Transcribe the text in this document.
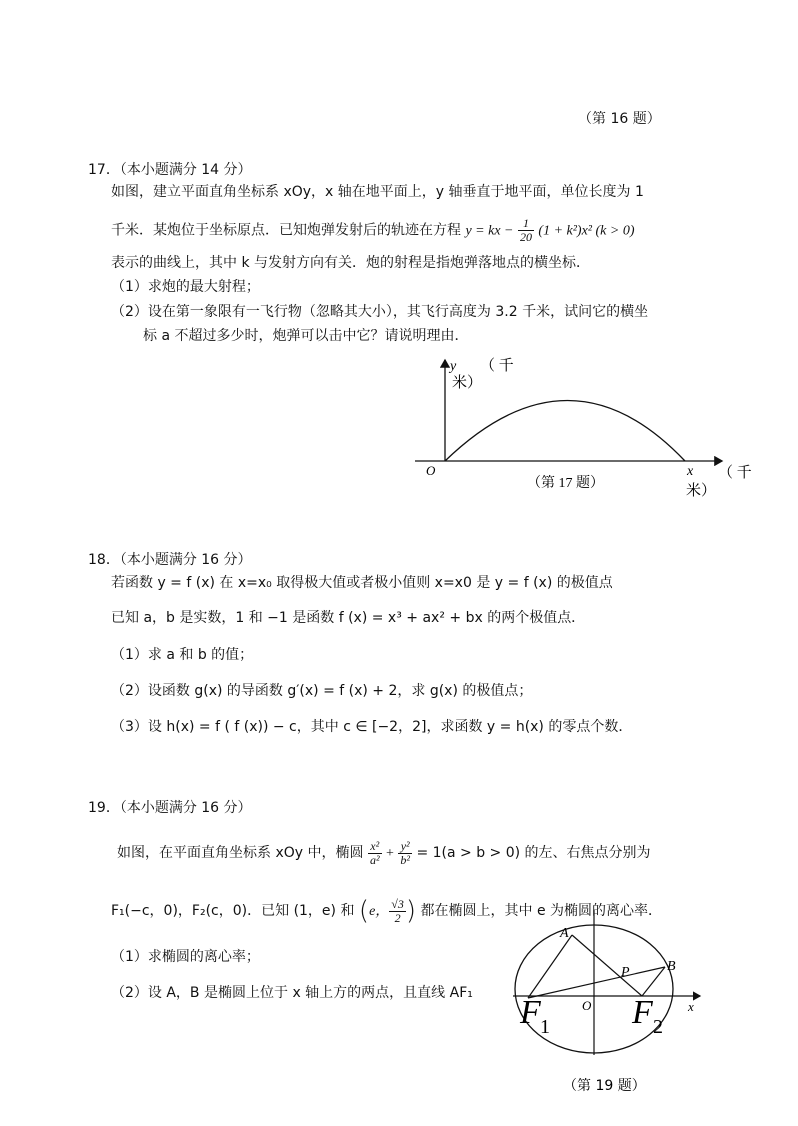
（第 16 题）
17．（本小题满分 14 分）
如图，建立平面直角坐标系 xOy，x 轴在地平面上，y 轴垂直于地平面，单位长度为 1
千米．某炮位于坐标原点．已知炮弹发射后的轨迹在方程 y = kx − $\frac{1}{20} (1 + k^2)x^2$ (k > 0)
表示的曲线上，其中 k 与发射方向有关．炮的射程是指炮弹落地点的横坐标．
（1）求炮的最大射程；
（2）设在第一象限有一飞行物（忽略其大小），其飞行高度为 3.2 千米，试问它的横坐
标 a 不超过多少时，炮弹可以击中它？请说明理由．
y （ 千
米）
O	x （ 千
米）
（第 17 题）
18．（本小题满分 16 分）
若函数 y = f (x) 在 x=x₀ 取得极大值或者极小值则 x=x0 是 y = f (x) 的极值点
已知 a，b 是实数，1 和 −1 是函数 f (x) = x³ + ax² + bx 的两个极值点．
（1）求 a 和 b 的值；
（2）设函数 g(x) 的导函数 g′(x) = f (x) + 2，求 g(x) 的极值点；
（3）设 h(x) = f ( f (x)) − c，其中 c ∈ [−2，2]，求函数 y = h(x) 的零点个数．
19．（本小题满分 16 分）
如图，在平面直角坐标系 xOy 中，椭圆 $\frac{\text{x²}}{\text{a²}} + \frac{\text{y²}}{\text{b²}} = 1(a > b > 0)$ 的左、右焦点分别为
F₁(−c，0)，F₂(c，0)．已知 (1，e) 和 (e， $\frac{√3}{2}$ ) 都在椭圆上，其中 e 为椭圆的离心率．
（1）求椭圆的离心率；
（2）设 A，B 是椭圆上位于 x 轴上方的两点，且直线 AF₁
A
B
P
O	x
F 1 F 2
（第 19 题）
